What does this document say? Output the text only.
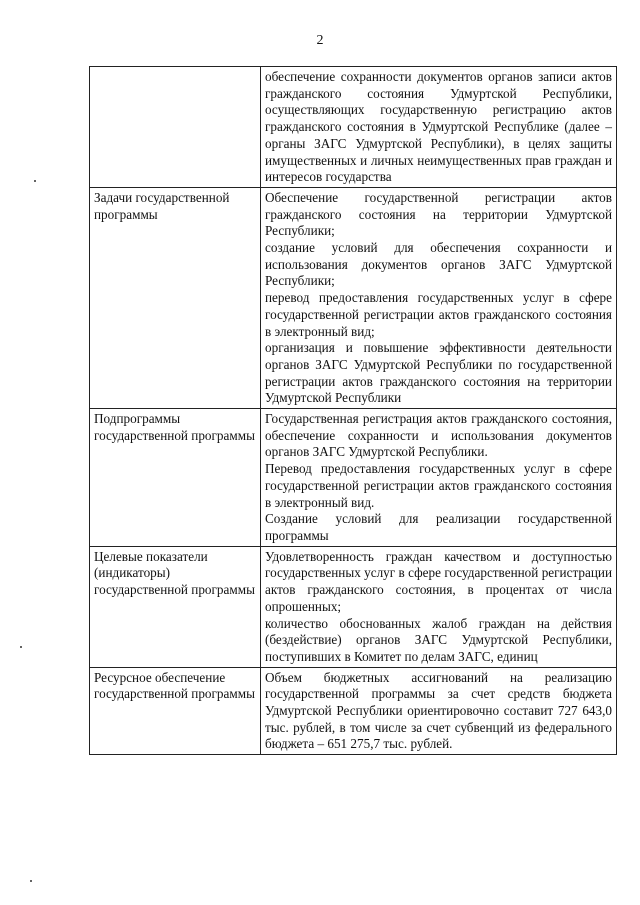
2

	обеспечение сохранности документов органов записи актов гражданского состояния Удмуртской Республики, осуществляющих государственную регистрацию актов гражданского состояния в Удмуртской Республике (далее – органы ЗАГС Удмуртской Республики), в целях защиты имущественных и личных неимущественных прав граждан и интересов государства

Задачи государственной программы	Обеспечение государственной регистрации актов гражданского состояния на территории Удмуртской Республики;

создание условий для обеспечения сохранности и использования документов органов ЗАГС Удмуртской Республики;

перевод предоставления государственных услуг в сфере государственной регистрации актов гражданского состояния в электронный вид;

организация и повышение эффективности деятельности органов ЗАГС Удмуртской Республики по государственной регистрации актов гражданского состояния на территории Удмуртской Республики

Подпрограммы государственной программы	Государственная регистрация актов гражданского состояния, обеспечение сохранности и использования документов органов ЗАГС Удмуртской Республики.

Перевод предоставления государственных услуг в сфере государственной регистрации актов гражданского состояния в электронный вид.

Создание условий для реализации государственной программы

Целевые показатели (индикаторы) государственной программы	Удовлетворенность граждан качеством и доступностью государственных услуг в сфере государственной регистрации актов гражданского состояния, в процентах от числа опрошенных;

количество обоснованных жалоб граждан на действия (бездействие) органов ЗАГС Удмуртской Республики, поступивших в Комитет по делам ЗАГС, единиц

Ресурсное обеспечение государственной программы	Объем бюджетных ассигнований на реализацию государственной программы за счет средств бюджета Удмуртской Республики ориентировочно составит 727 643,0 тыс. рублей, в том числе за счет субвенций из федерального бюджета – 651 275,7 тыс. рублей.
